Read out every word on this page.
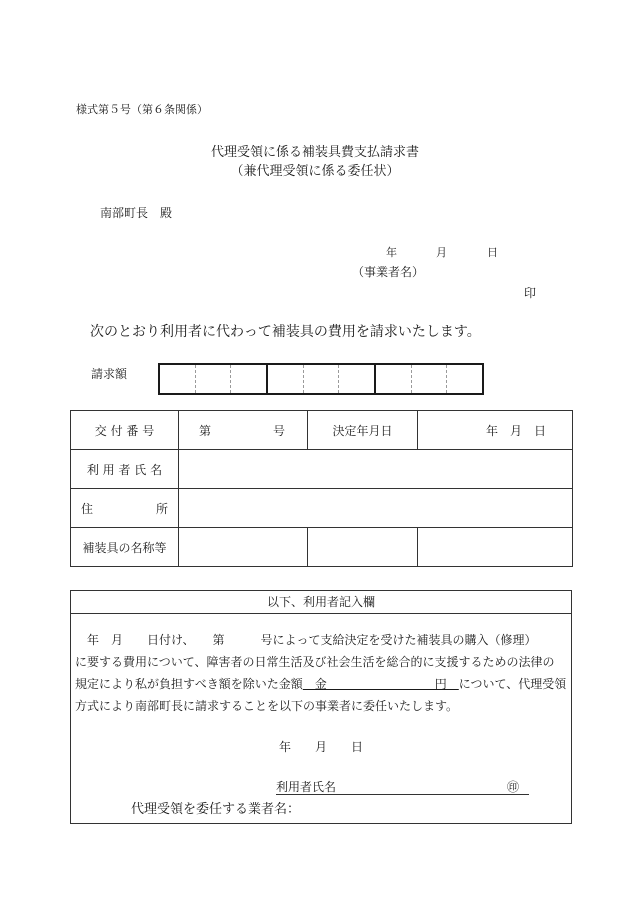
様式第５号（第６条関係）
代理受領に係る補装具費支払請求書
（兼代理受領に係る委任状）
南部町長　殿
年	月	日
（事業者名）
印
次のとおり利用者に代わって補装具の費用を請求いたします。
請求額
交 付 番 号	第 号	決定年月日	年　月　日
利 用 者 氏 名			

住 所			

補装具の名称等			
以下、利用者記入欄
　年　月　　日付け、　　第　　　号によって支給決定を受けた補装具の購入（修理）
に要する費用について、障害者の日常生活及び社会生活を総合的に支援するための法律の
規定により私が負担すべき額を除いた金額　金　　　　　　　　　円　について、代理受領
方式により南部町長に請求することを以下の事業者に委任いたします。
年　　月　　日
利用者氏名	㊞
代理受領を委任する業者名：
